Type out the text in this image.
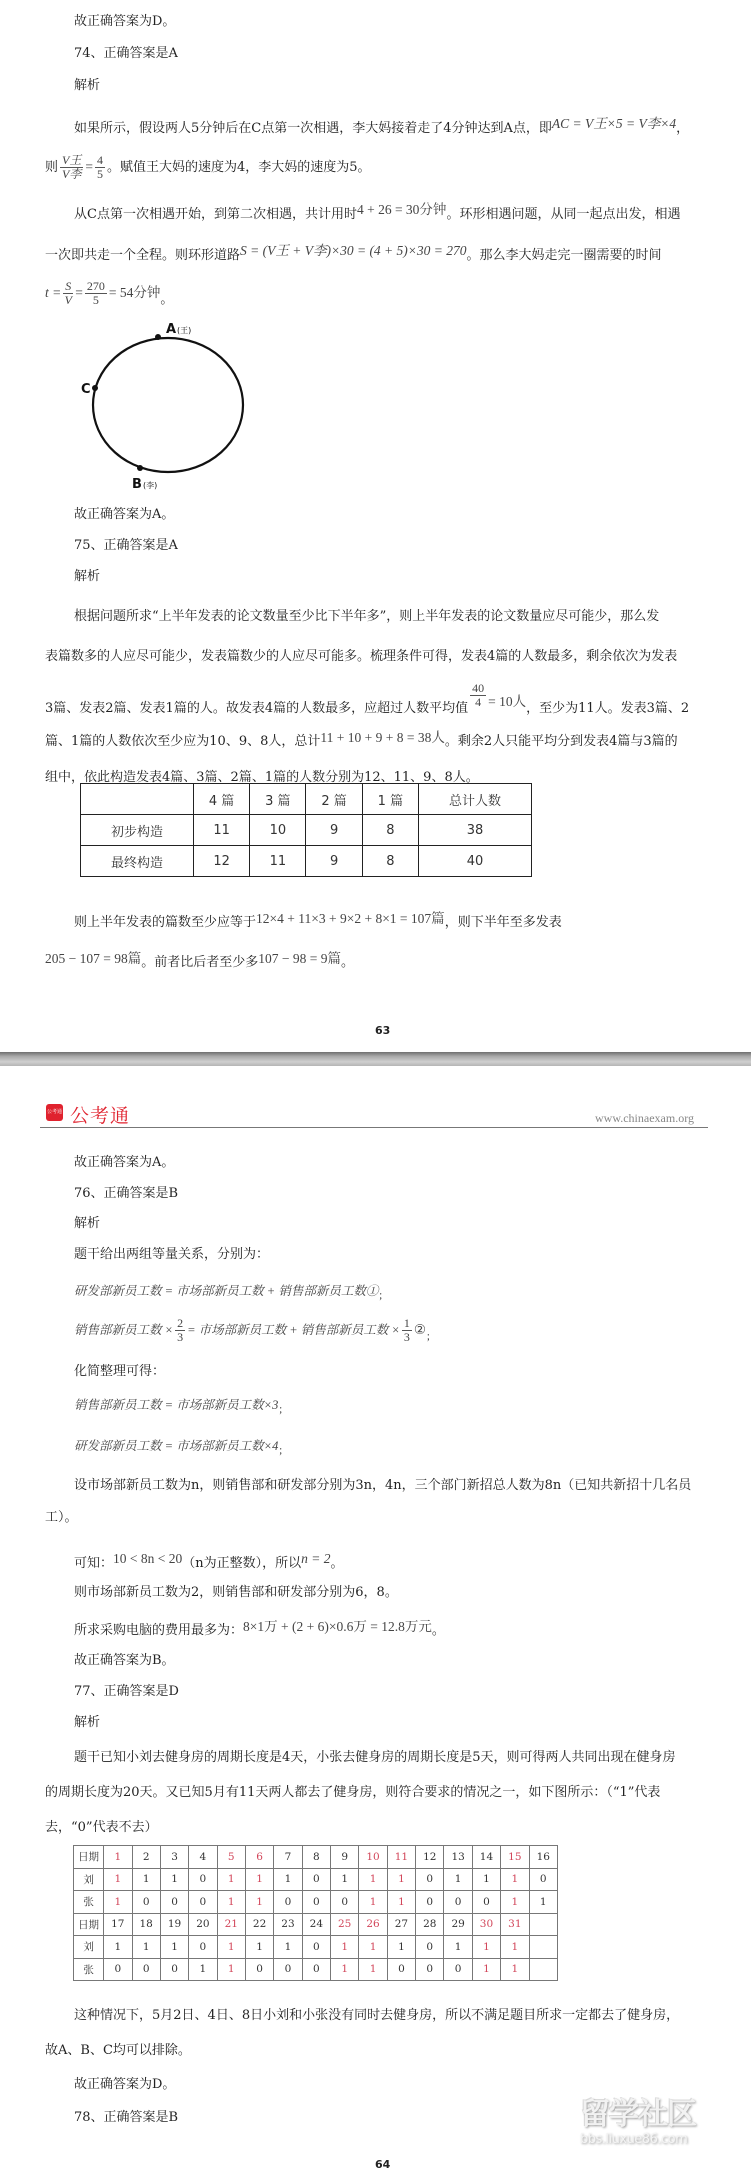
故正确答案为D。
74、正确答案是A
解析
如果所示，假设两人5分钟后在C点第一次相遇，李大妈接着走了4分钟达到A点，即AC = V王×5 = V李×4，
则 $\frac{\text{V王}}{\text{V李}} = \frac{4}{5}$ 。赋值王大妈的速度为4，李大妈的速度为5。
从C点第一次相遇开始，到第二次相遇，共计用时4 + 26 = 30分钟。环形相遇问题，从同一起点出发，相遇
一次即共走一个全程。则环形道路S = (V王 + V李)×30 = (4 + 5)×30 = 270。那么李大妈走完一圈需要的时间
$t = \frac{S}{V} = \frac{270}{5} = 54$分钟。
A (王)
C
B (李)
故正确答案为A。
75、正确答案是A
解析
根据问题所求“上半年发表的论文数量至少比下半年多”，则上半年发表的论文数量应尽可能少，那么发
表篇数多的人应尽可能少，发表篇数少的人应尽可能多。梳理条件可得，发表4篇的人数最多，剩余依次为发表
3篇、发表2篇、发表1篇的人。故发表4篇的人数最多，应超过人数平均值 $\frac{40}{4} = 10$人，至少为11人。发表3篇、2
篇、1篇的人数依次至少应为10、9、8人，总计11 + 10 + 9 + 8 = 38人。剩余2人只能平均分到发表4篇与3篇的
组中，依此构造发表4篇、3篇、2篇、1篇的人数分别为12、11、9、8人。
	4 篇	3 篇	2 篇	1 篇	总计人数
初步构造	11	10	9	8	38
最终构造	12	11	9	8	40
则上半年发表的篇数至少应等于12×4 + 11×3 + 9×2 + 8×1 = 107篇，则下半年至多发表
205 − 107 = 98篇。前者比后者至少多107 − 98 = 9篇。
63
公考通 公考通	www.chinaexam.org
故正确答案为A。
76、正确答案是B
解析
题干给出两组等量关系，分别为：
研发部新员工数 = 市场部新员工数 + 销售部新员工数$①_;$
销售部新员工数 × $\frac{2}{3}$ = 市场部新员工数 + 销售部新员工数 × $\frac{1}{3}$ $②_;$
化简整理可得：
销售部新员工数 = 市场部新员工数$\times 3_;$
研发部新员工数 = 市场部新员工数$\times 4_;$
设市场部新员工数为n，则销售部和研发部分别为3n，4n，三个部门新招总人数为8n（已知共新招十几名员
工）。
可知：10 < 8n < 20（n为正整数），所以n = 2。
则市场部新员工数为2，则销售部和研发部分别为6，8。
所求采购电脑的费用最多为：8×1万 + (2 + 6)×0.6万 = 12.8万元。
故正确答案为B。
77、正确答案是D
解析
题干已知小刘去健身房的周期长度是4天，小张去健身房的周期长度是5天，则可得两人共同出现在健身房
的周期长度为20天。又已知5月有11天两人都去了健身房，则符合要求的情况之一，如下图所示：（“1”代表
去，“0”代表不去）
日期	1	2	3	4	5	6	7	8	9	10	11	12	13	14	15	16
刘	1	1	1	0	1	1	1	0	1	1	1	0	1	1	1	0
张	1	0	0	0	1	1	0	0	0	1	1	0	0	0	1	1
日期	17	18	19	20	21	22	23	24	25	26	27	28	29	30	31	
刘	1	1	1	0	1	1	1	0	1	1	1	0	1	1	1	
张	0	0	0	1	1	0	0	0	1	1	0	0	0	1	1	
这种情况下，5月2日、4日、8日小刘和小张没有同时去健身房，所以不满足题目所求一定都去了健身房，
故A、B、C均可以排除。
故正确答案为D。
78、正确答案是B	留学社区
bbs.liuxue86.com
64
